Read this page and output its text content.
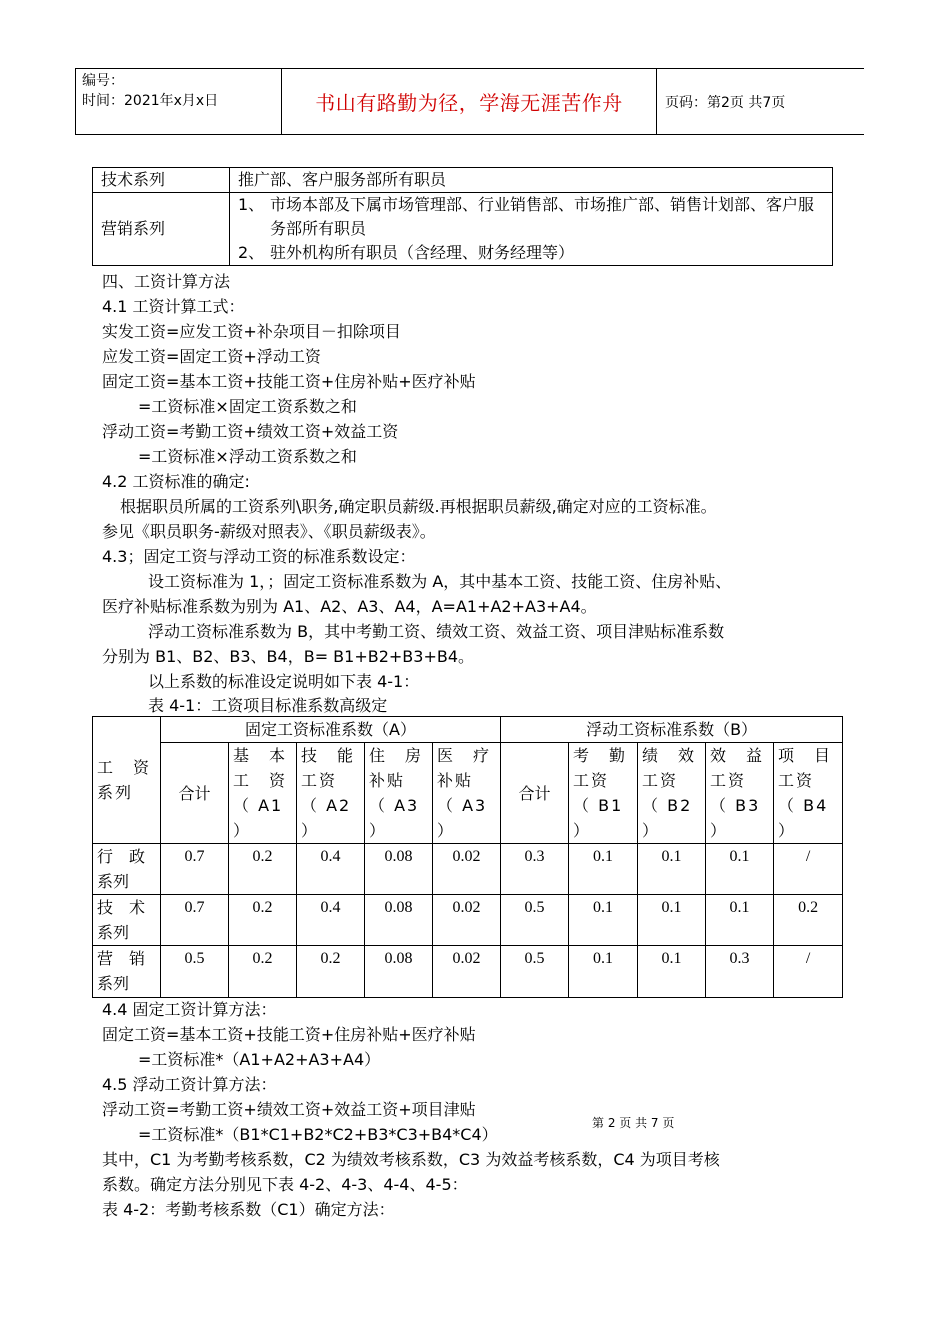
编号：
时间：2021年x月x日	书山有路勤为径，学海无涯苦作舟	页码：第2页 共7页
技术系列	推广部、客户服务部所有职员
营销系列	1、 市场本部及下属市场管理部、行业销售部、市场推广部、销售计划部、客户服务部所有职员
2、 驻外机构所有职员（含经理、财务经理等）
四、工资计算方法
4.1 工资计算工式：
实发工资=应发工资+补杂项目－扣除项目
应发工资=固定工资+浮动工资
固定工资=基本工资+技能工资+住房补贴+医疗补贴
=工资标准×固定工资系数之和
浮动工资=考勤工资+绩效工资+效益工资
=工资标准×浮动工资系数之和
4.2 工资标准的确定:
根据职员所属的工资系列\职务,确定职员薪级.再根据职员薪级,确定对应的工资标准。
参见《职员职务-薪级对照表》、《职员薪级表》。
4.3；固定工资与浮动工资的标准系数设定：
设工资标准为 1，；固定工资标准系数为 A，其中基本工资、技能工资、住房补贴、
医疗补贴标准系数为别为 A1、A2、A3、A4，A=A1+A2+A3+A4。
浮动工资标准系数为 B，其中考勤工资、绩效工资、效益工资、项目津贴标准系数
分别为 B1、B2、B3、B4，B= B1+B2+B3+B4。
以上系数的标准设定说明如下表 4-1：
表 4-1：工资项目标准系数高级定
工　资
系列	固定工资标准系数（A）					浮动工资标准系数（B）				
	合计	基　本
工　资
（ A1
）	技　能
工资
（ A2
）	住　房
补贴
（ A3
）	医　疗
补贴
（ A3
）	合计	考　勤
工资
（ B1
）	绩　效
工资
（ B2
）	效　益
工资
（ B3
）	项　目
工资
（ B4
）

行　政
系列	0.7	0.2	0.4	0.08	0.02	0.3	0.1	0.1	0.1	/

技　术
系列	0.7	0.2	0.4	0.08	0.02	0.5	0.1	0.1	0.1	0.2

营　销
系列	0.5	0.2	0.2	0.08	0.02	0.5	0.1	0.1	0.3	/
4.4 固定工资计算方法：
固定工资=基本工资+技能工资+住房补贴+医疗补贴
=工资标准*（A1+A2+A3+A4）
4.5 浮动工资计算方法：
浮动工资=考勤工资+绩效工资+效益工资+项目津贴
=工资标准*（B1*C1+B2*C2+B3*C3+B4*C4）
其中，C1 为考勤考核系数，C2 为绩效考核系数，C3 为效益考核系数，C4 为项目考核
系数。确定方法分别见下表 4-2、4-3、4-4、4-5：
表 4-2：考勤考核系数（C1）确定方法：
第 2 页 共 7 页
